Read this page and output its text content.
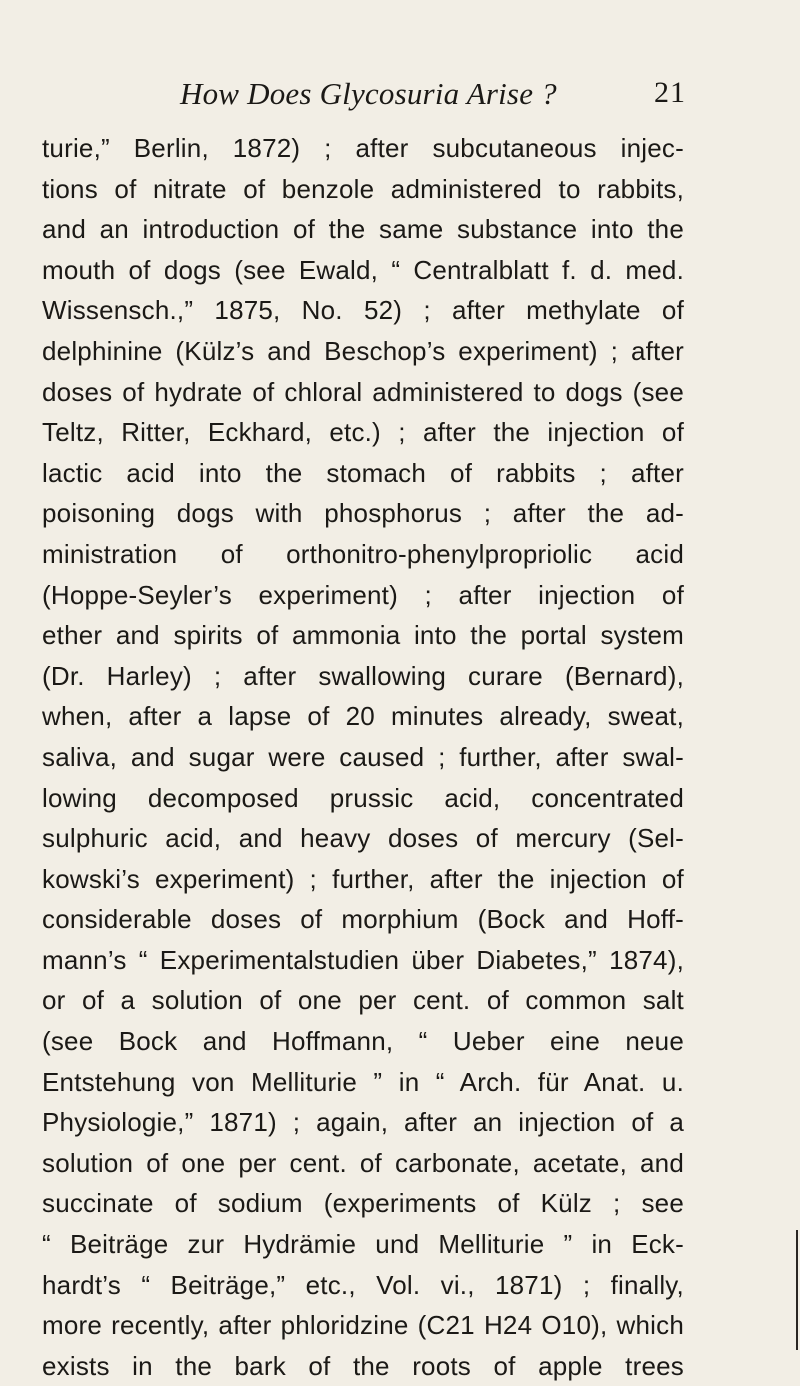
How Does Glycosuria Arise ?	21
turie,” Berlin, 1872) ; after subcutaneous injec-
tions of nitrate of benzole administered to rabbits,
and an introduction of the same substance into the
mouth of dogs (see Ewald, “ Centralblatt f. d. med.
Wissensch.,” 1875, No. 52) ; after methylate of
delphinine (Külz’s and Beschop’s experiment) ; after
doses of hydrate of chloral administered to dogs (see
Teltz, Ritter, Eckhard, etc.) ; after the injection of
lactic acid into the stomach of rabbits ; after
poisoning dogs with phosphorus ; after the ad-
ministration of orthonitro-phenylpropriolic acid
(Hoppe-Seyler’s experiment) ; after injection of
ether and spirits of ammonia into the portal system
(Dr. Harley) ; after swallowing curare (Bernard),
when, after a lapse of 20 minutes already, sweat,
saliva, and sugar were caused ; further, after swal-
lowing decomposed prussic acid, concentrated
sulphuric acid, and heavy doses of mercury (Sel-
kowski’s experiment) ; further, after the injection of
considerable doses of morphium (Bock and Hoff-
mann’s “ Experimentalstudien über Diabetes,” 1874),
or of a solution of one per cent. of common salt
(see Bock and Hoffmann, “ Ueber eine neue
Entstehung von Melliturie ” in “ Arch. für Anat. u.
Physiologie,” 1871) ; again, after an injection of a
solution of one per cent. of carbonate, acetate, and
succinate of sodium (experiments of Külz ; see
“ Beiträge zur Hydrämie und Melliturie ” in Eck-
hardt’s “ Beiträge,” etc., Vol. vi., 1871) ; finally,
more recently, after phloridzine (C21 H24 O10), which
exists in the bark of the roots of apple trees
